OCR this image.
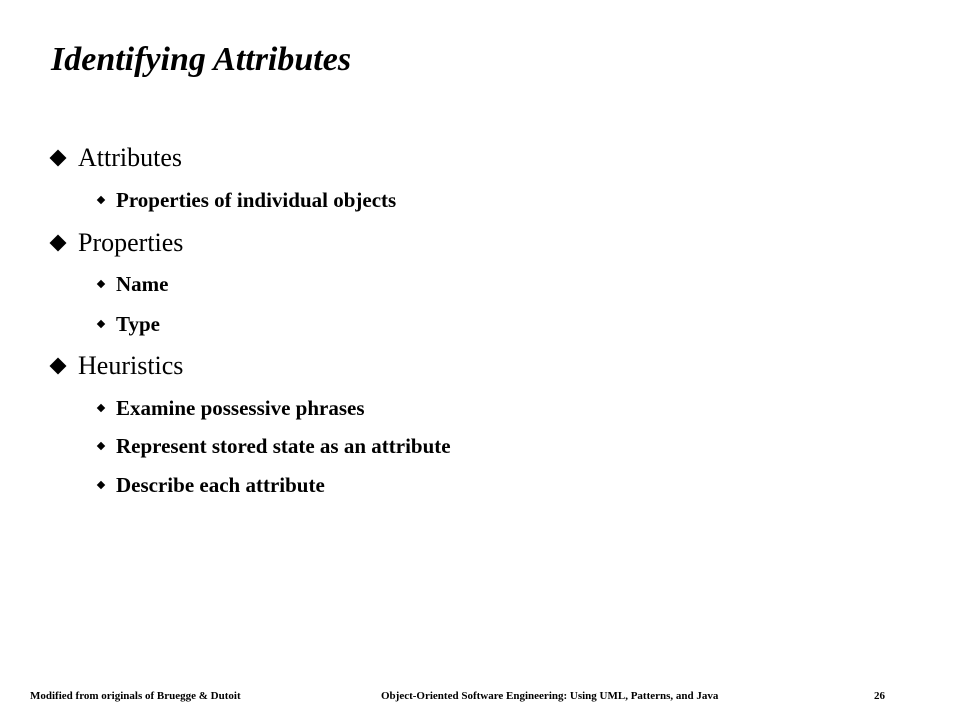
Identifying Attributes
Attributes
Properties of individual objects
Properties
Name
Type
Heuristics
Examine possessive phrases
Represent stored state as an attribute
Describe each attribute
Modified from originals of Bruegge & Dutoit	Object-Oriented Software Engineering: Using UML, Patterns, and Java	26
